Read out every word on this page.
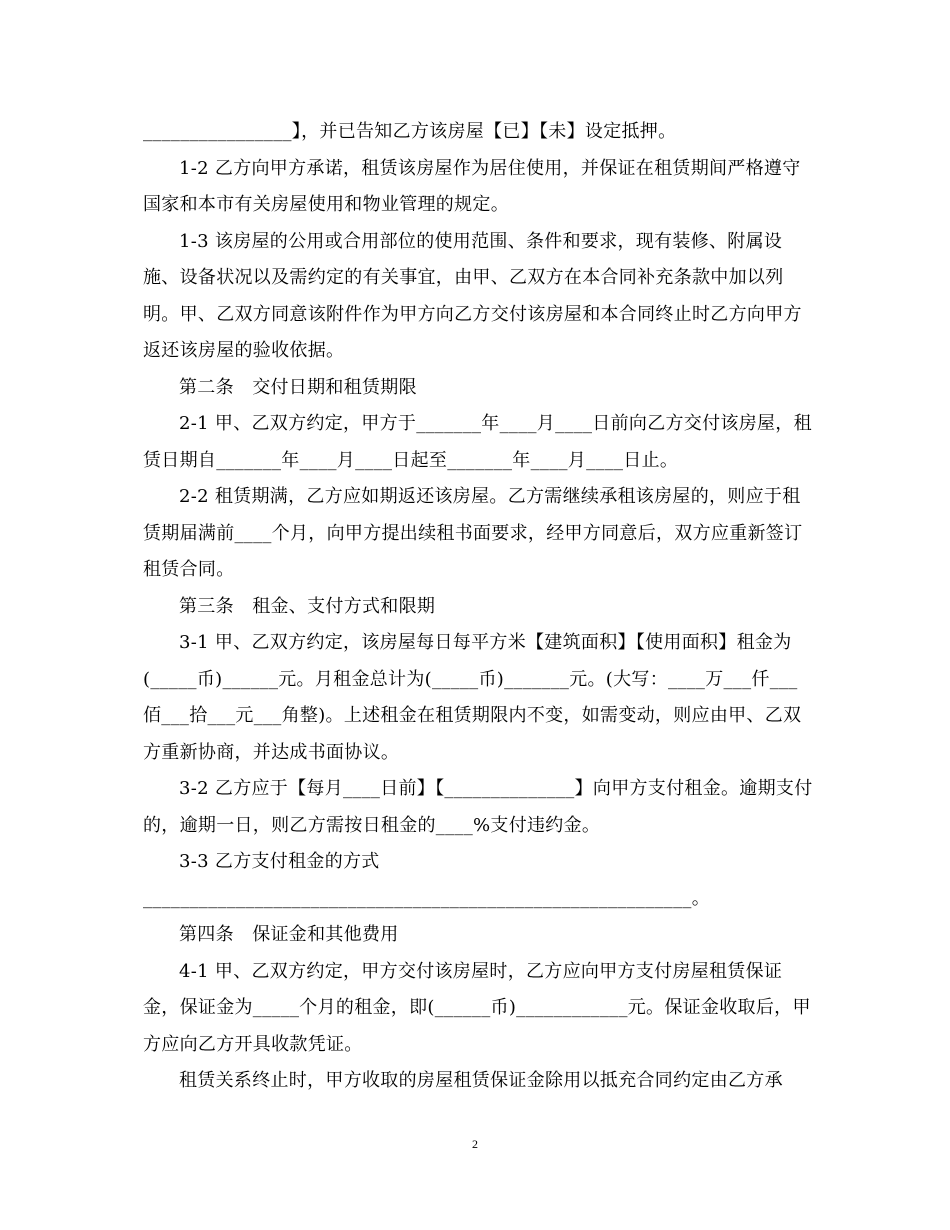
________________】，并已告知乙方该房屋【已】【未】设定抵押。

1-2 乙方向甲方承诺，租赁该房屋作为居住使用，并保证在租赁期间严格遵守国家和本市有关房屋使用和物业管理的规定。

1-3 该房屋的公用或合用部位的使用范围、条件和要求，现有装修、附属设施、设备状况以及需约定的有关事宜，由甲、乙双方在本合同补充条款中加以列明。甲、乙双方同意该附件作为甲方向乙方交付该房屋和本合同终止时乙方向甲方返还该房屋的验收依据。

第二条　交付日期和租赁期限

2-1 甲、乙双方约定，甲方于_______年____月____日前向乙方交付该房屋，租赁日期自_______年____月____日起至_______年____月____日止。

2-2 租赁期满，乙方应如期返还该房屋。乙方需继续承租该房屋的，则应于租赁期届满前____个月，向甲方提出续租书面要求，经甲方同意后，双方应重新签订租赁合同。

第三条　租金、支付方式和限期

3-1 甲、乙双方约定，该房屋每日每平方米【建筑面积】【使用面积】租金为(_____币)______元。月租金总计为(_____币)_______元。(大写：____万___仟___佰___拾___元___角整)。上述租金在租赁期限内不变，如需变动，则应由甲、乙双方重新协商，并达成书面协议。

3-2 乙方应于【每月____日前】【______________】向甲方支付租金。逾期支付的，逾期一日，则乙方需按日租金的____%支付违约金。

3-3 乙方支付租金的方式

___________________________________________________________。

第四条　保证金和其他费用

4-1 甲、乙双方约定，甲方交付该房屋时，乙方应向甲方支付房屋租赁保证金，保证金为_____个月的租金，即(______币)____________元。保证金收取后，甲方应向乙方开具收款凭证。

租赁关系终止时，甲方收取的房屋租赁保证金除用以抵充合同约定由乙方承

2
